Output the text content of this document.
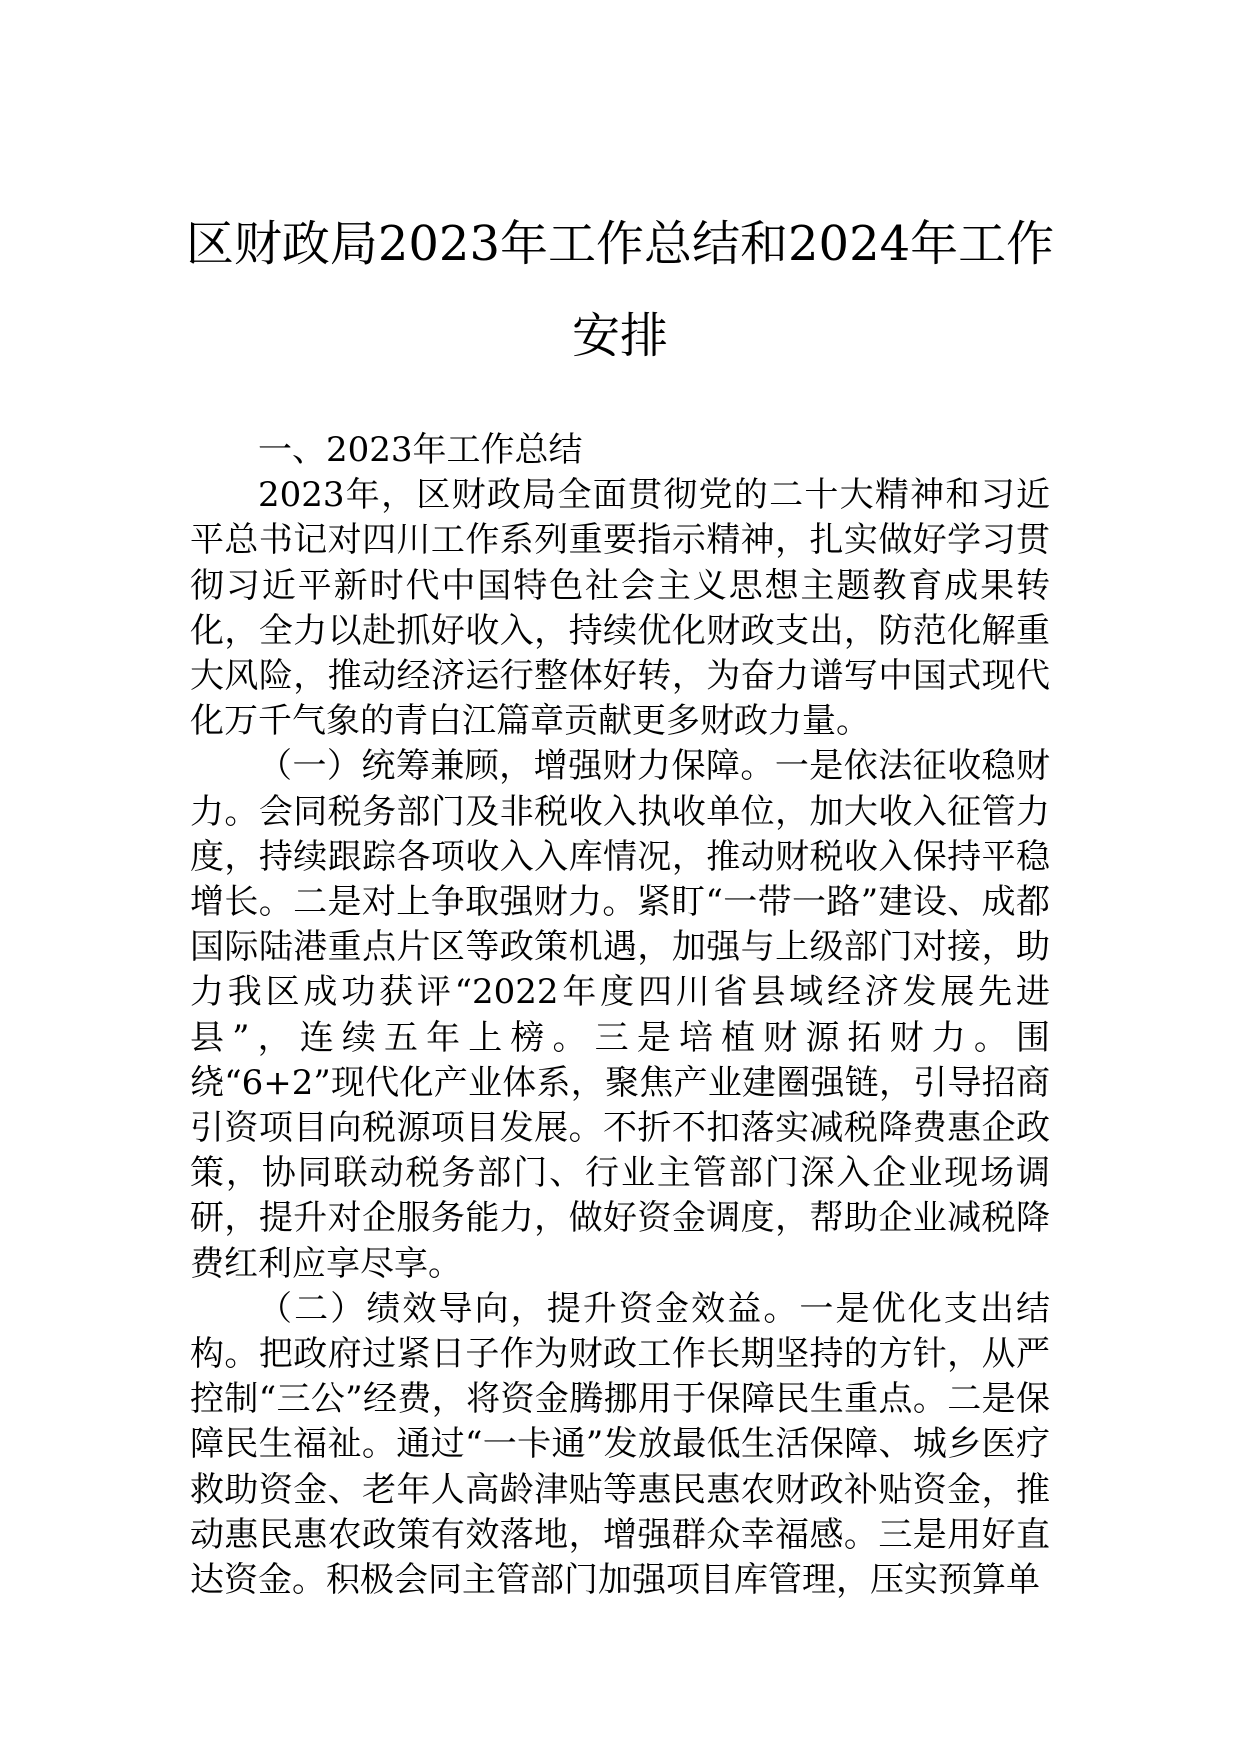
区财政局2023年工作总结和2024年工作安排
一、2023年工作总结

2023年，区财政局全面贯彻党的二十大精神和习近平总书记对四川工作系列重要指示精神，扎实做好学习贯彻习近平新时代中国特色社会主义思想主题教育成果转化，全力以赴抓好收入，持续优化财政支出，防范化解重大风险，推动经济运行整体好转，为奋力谱写中国式现代化万千气象的青白江篇章贡献更多财政力量。

（一）统筹兼顾，增强财力保障。一是依法征收稳财力。会同税务部门及非税收入执收单位，加大收入征管力度，持续跟踪各项收入入库情况，推动财税收入保持平稳增长。二是对上争取强财力。紧盯“一带一路”建设、成都国际陆港重点片区等政策机遇，加强与上级部门对接，助力我区成功获评“2022年度四川省县域经济发展先进县”，连续五年上榜。三是培植财源拓财力。围绕“6+2”现代化产业体系，聚焦产业建圈强链，引导招商引资项目向税源项目发展。不折不扣落实减税降费惠企政策，协同联动税务部门、行业主管部门深入企业现场调研，提升对企服务能力，做好资金调度，帮助企业减税降费红利应享尽享。

（二）绩效导向，提升资金效益。一是优化支出结构。把政府过紧日子作为财政工作长期坚持的方针，从严控制“三公”经费，将资金腾挪用于保障民生重点。二是保障民生福祉。通过“一卡通”发放最低生活保障、城乡医疗救助资金、老年人高龄津贴等惠民惠农财政补贴资金，推动惠民惠农政策有效落地，增强群众幸福感。三是用好直达资金。积极会同主管部门加强项目库管理，压实预算单
